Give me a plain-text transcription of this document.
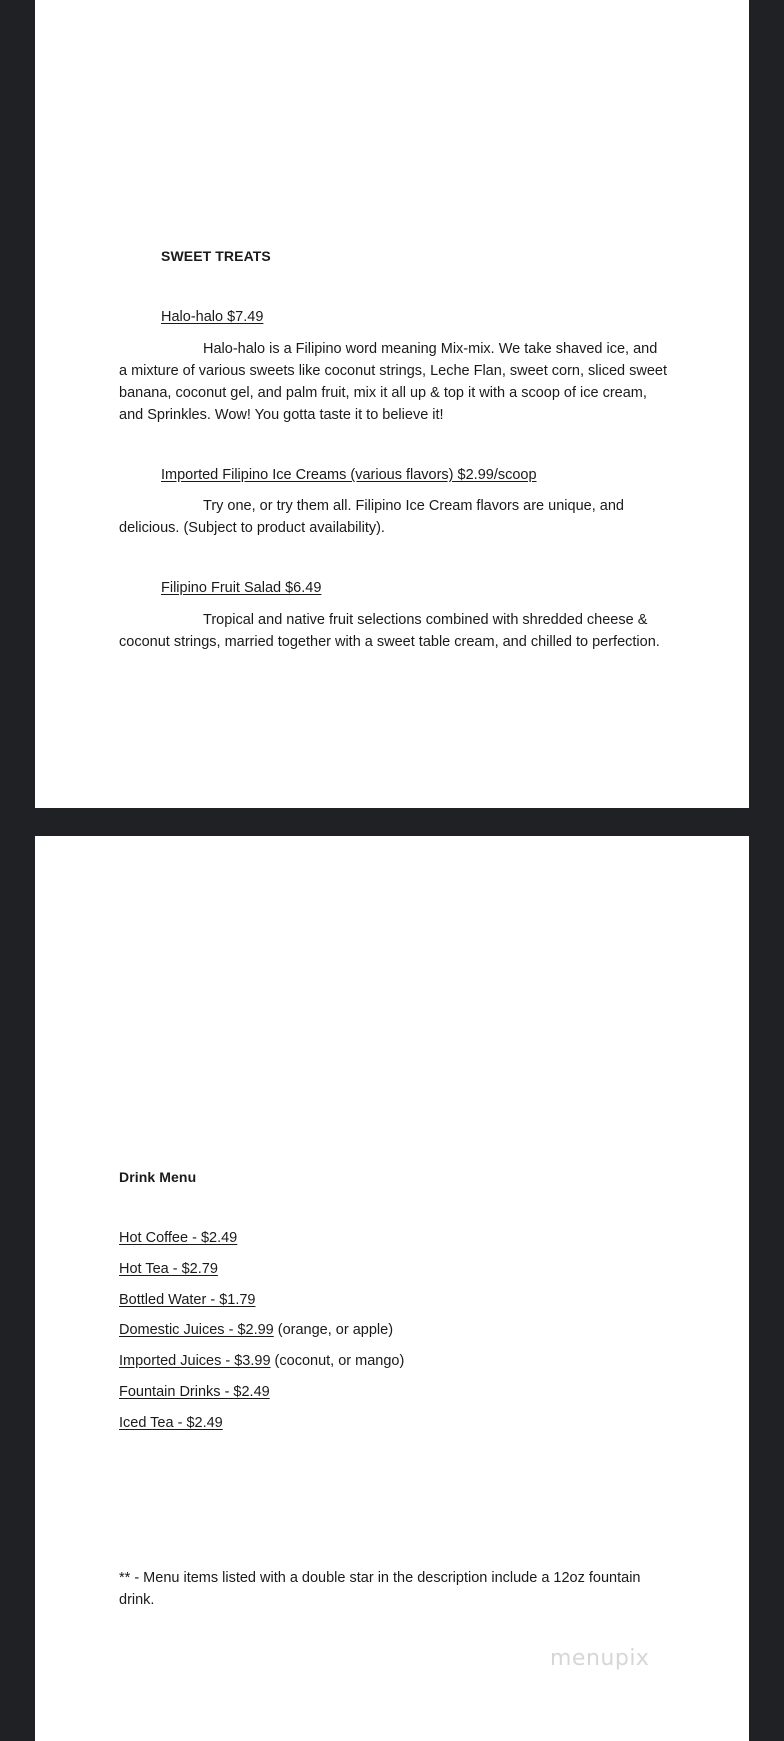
SWEET TREATS
Halo-halo $7.49

Halo-halo is a Filipino word meaning Mix-mix. We take shaved ice, and a mixture of various sweets like coconut strings, Leche Flan, sweet corn, sliced sweet banana, coconut gel, and palm fruit, mix it all up & top it with a scoop of ice cream, and Sprinkles. Wow! You gotta taste it to believe it!

Imported Filipino Ice Creams (various flavors) $2.99/scoop

Try one, or try them all. Filipino Ice Cream flavors are unique, and delicious. (Subject to product availability).

Filipino Fruit Salad $6.49

Tropical and native fruit selections combined with shredded cheese & coconut strings, married together with a sweet table cream, and chilled to perfection.

Drink Menu
Hot Coffee - $2.49
Hot Tea - $2.79
Bottled Water - $1.79
Domestic Juices - $2.99 (orange, or apple)
Imported Juices - $3.99 (coconut, or mango)
Fountain Drinks - $2.49
Iced Tea - $2.49

** - Menu items listed with a double star in the description include a 12oz fountain drink.

menupix
